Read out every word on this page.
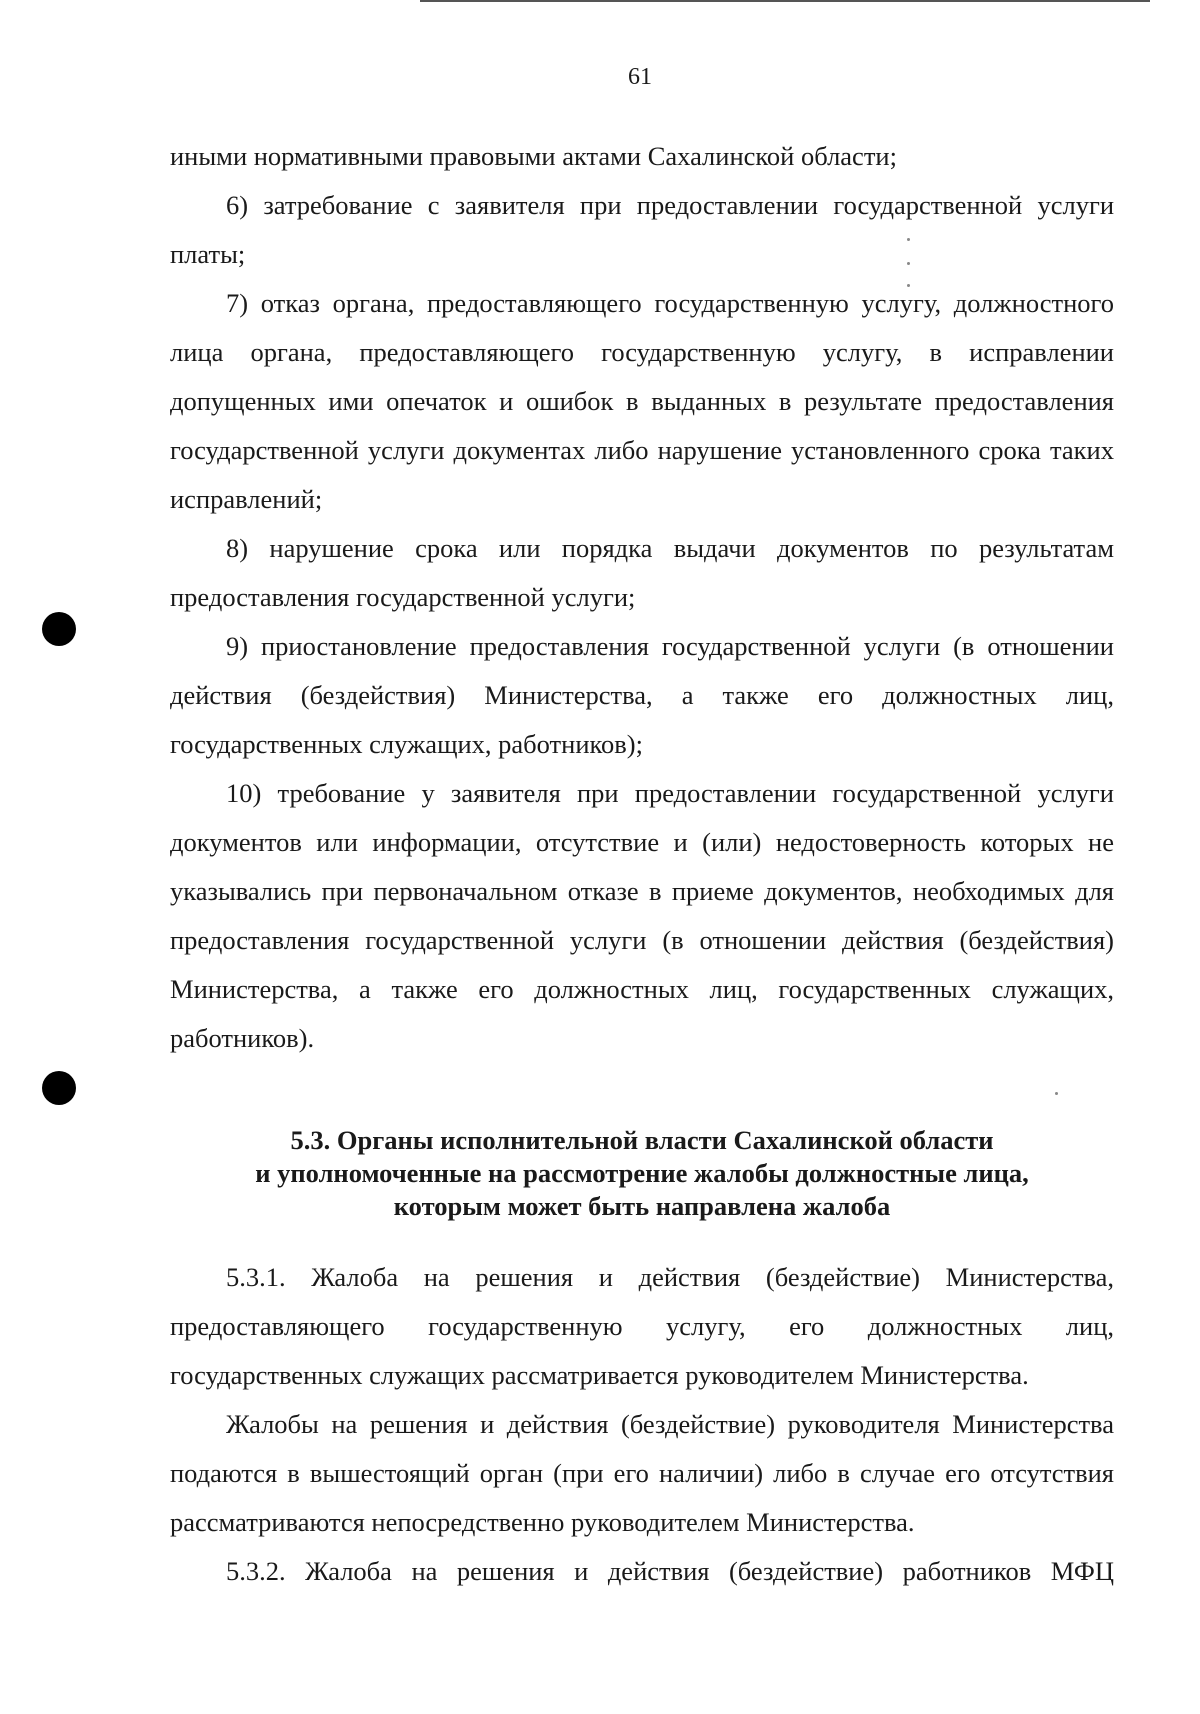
61

иными нормативными правовыми актами Сахалинской области;

6) затребование с заявителя при предоставлении государственной услуги платы;

7) отказ органа, предоставляющего государственную услугу, должностного лица органа, предоставляющего государственную услугу, в исправлении допущенных ими опечаток и ошибок в выданных в результате предоставления государственной услуги документах либо нарушение установленного срока таких исправлений;

8) нарушение срока или порядка выдачи документов по результатам предоставления государственной услуги;

9) приостановление предоставления государственной услуги (в отношении действия (бездействия) Министерства, а также его должностных лиц, государственных служащих, работников);

10) требование у заявителя при предоставлении государственной услуги документов или информации, отсутствие и (или) недостоверность которых не указывались при первоначальном отказе в приеме документов, необходимых для предоставления государственной услуги (в отношении действия (бездействия) Министерства, а также его должностных лиц, государственных служащих, работников).

5.3. Органы исполнительной власти Сахалинской области
и уполномоченные на рассмотрение жалобы должностные лица,
которым может быть направлена жалоба

5.3.1. Жалоба на решения и действия (бездействие) Министерства, предоставляющего государственную услугу, его должностных лиц, государственных служащих рассматривается руководителем Министерства.

Жалобы на решения и действия (бездействие) руководителя Министерства подаются в вышестоящий орган (при его наличии) либо в случае его отсутствия рассматриваются непосредственно руководителем Министерства.

5.3.2. Жалоба на решения и действия (бездействие) работников МФЦ
